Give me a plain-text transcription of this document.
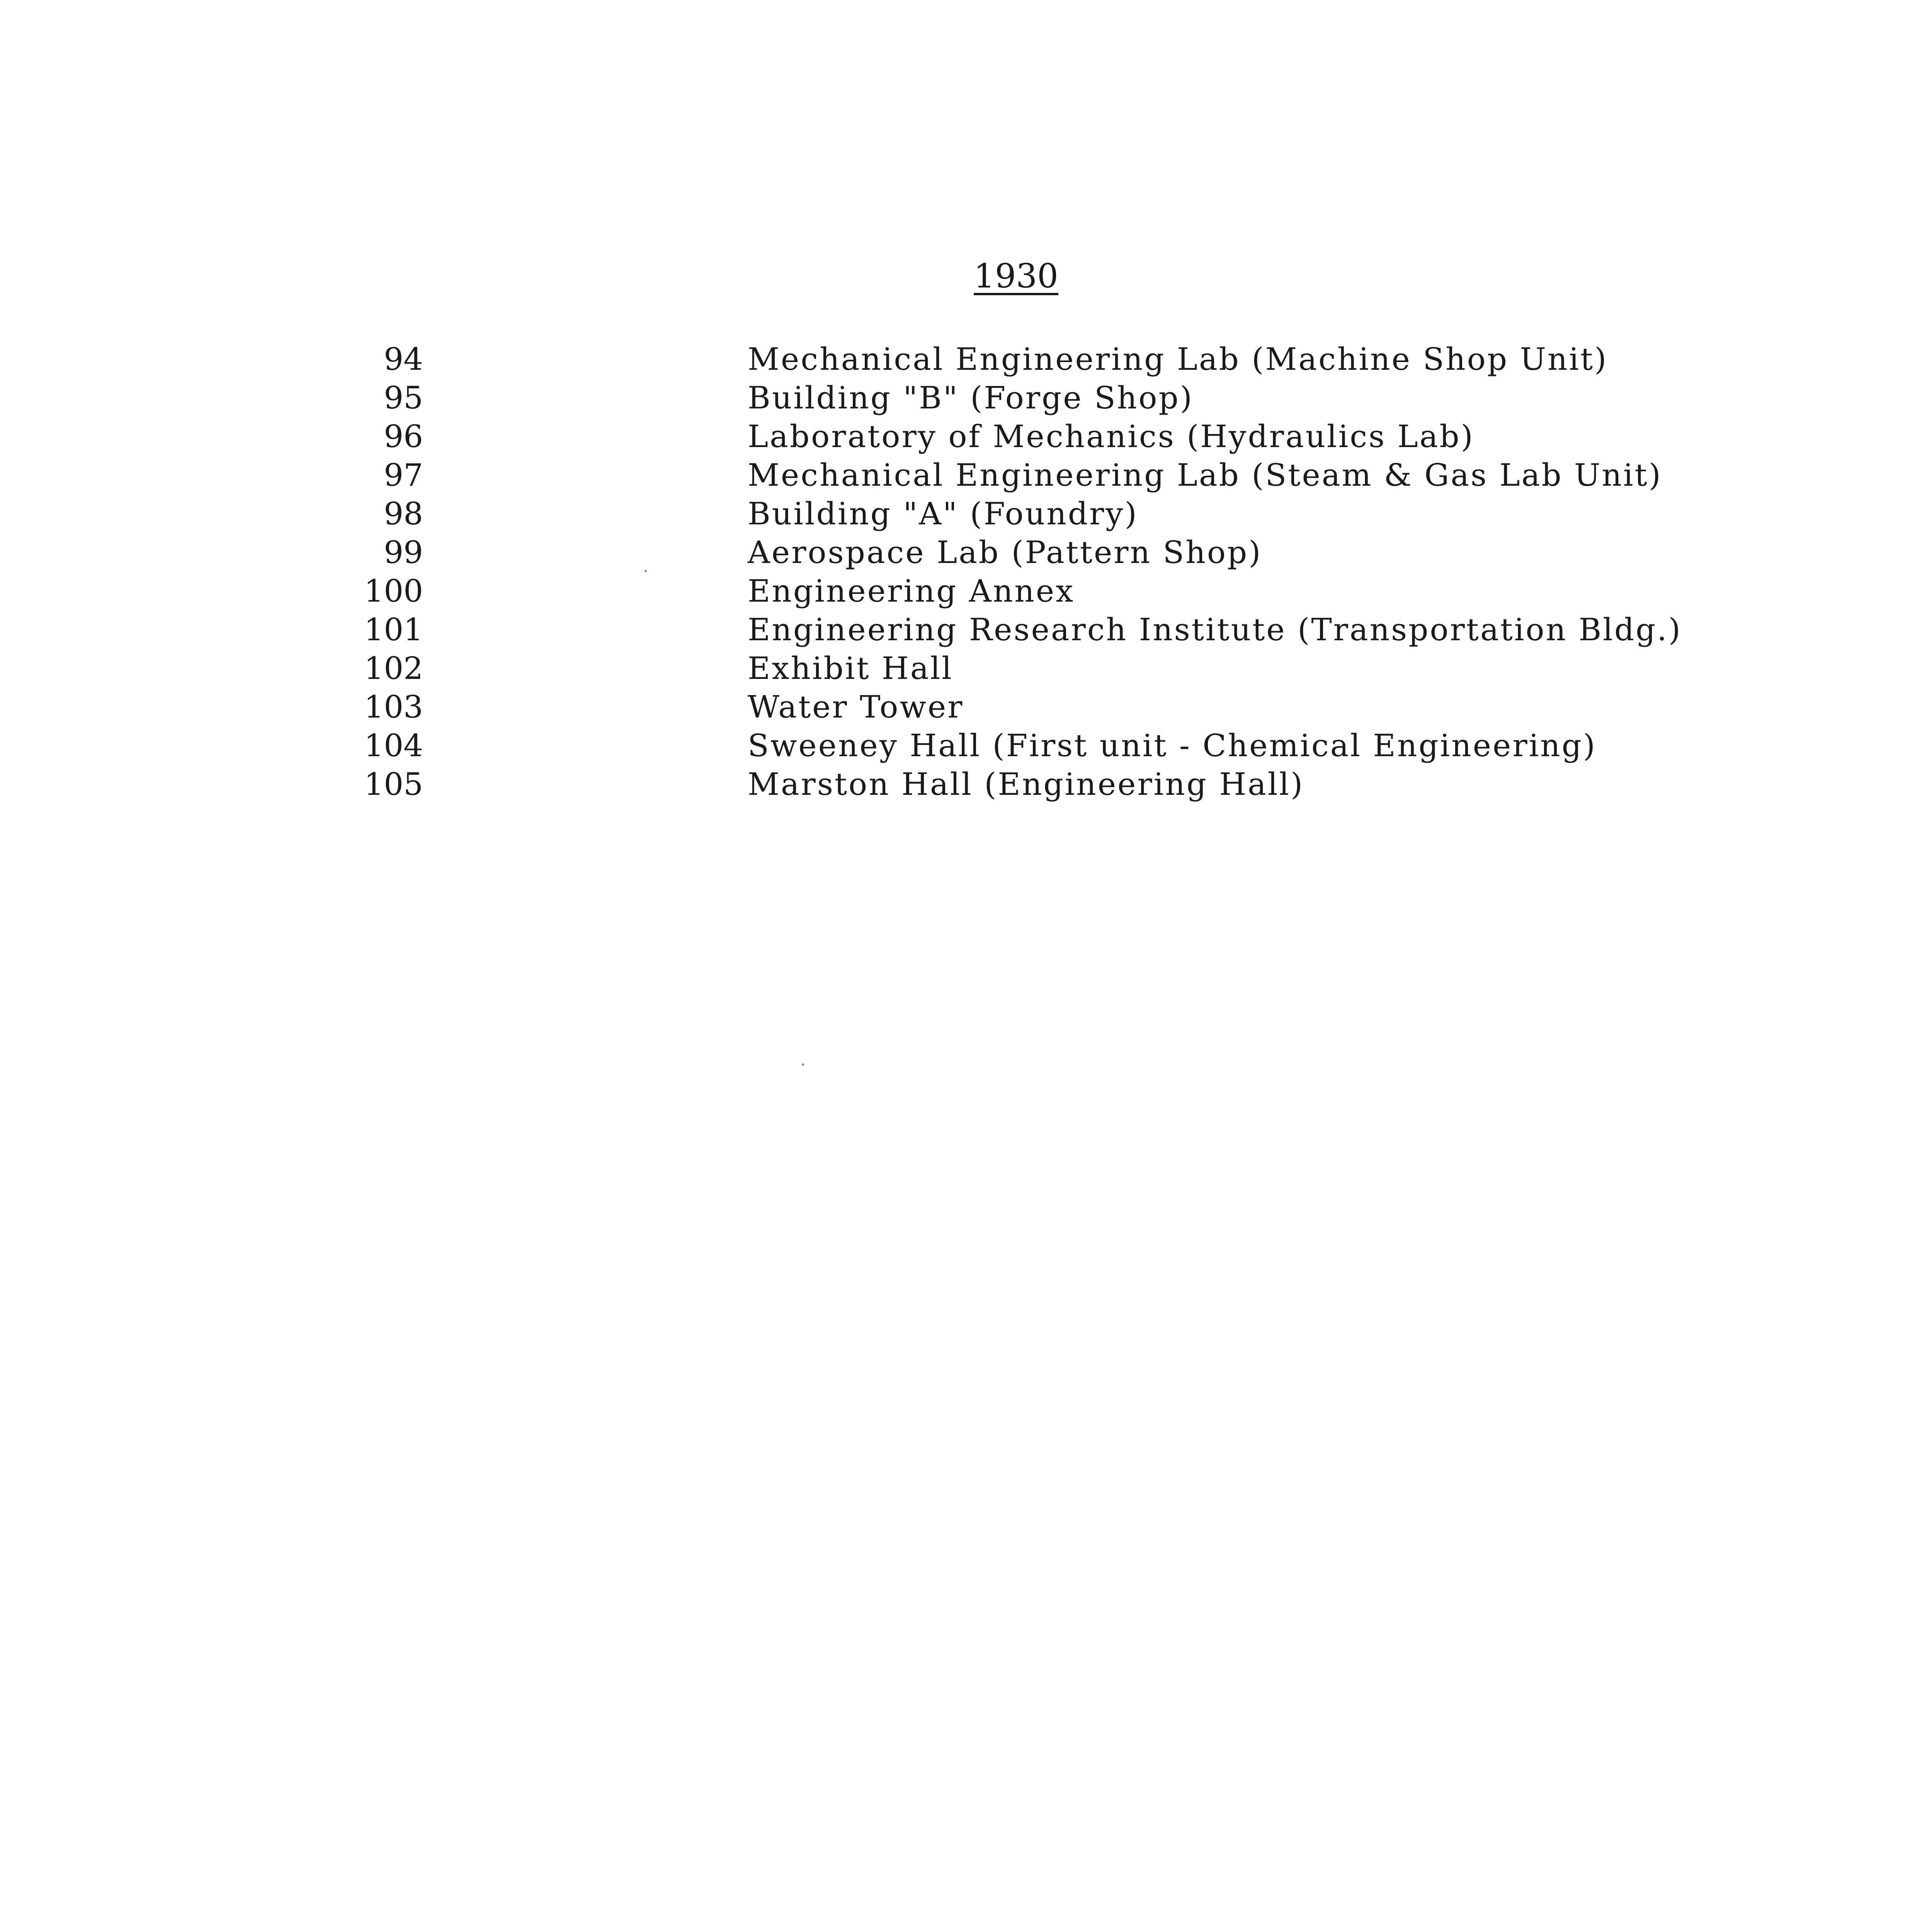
1930
94	Mechanical Engineering Lab (Machine Shop Unit)
95	Building "B" (Forge Shop)
96	Laboratory of Mechanics (Hydraulics Lab)
97	Mechanical Engineering Lab (Steam & Gas Lab Unit)
98	Building "A" (Foundry)
99	Aerospace Lab (Pattern Shop)
100	Engineering Annex
101	Engineering Research Institute (Transportation Bldg.)
102	Exhibit Hall
103	Water Tower
104	Sweeney Hall (First unit - Chemical Engineering)
105	Marston Hall (Engineering Hall)
